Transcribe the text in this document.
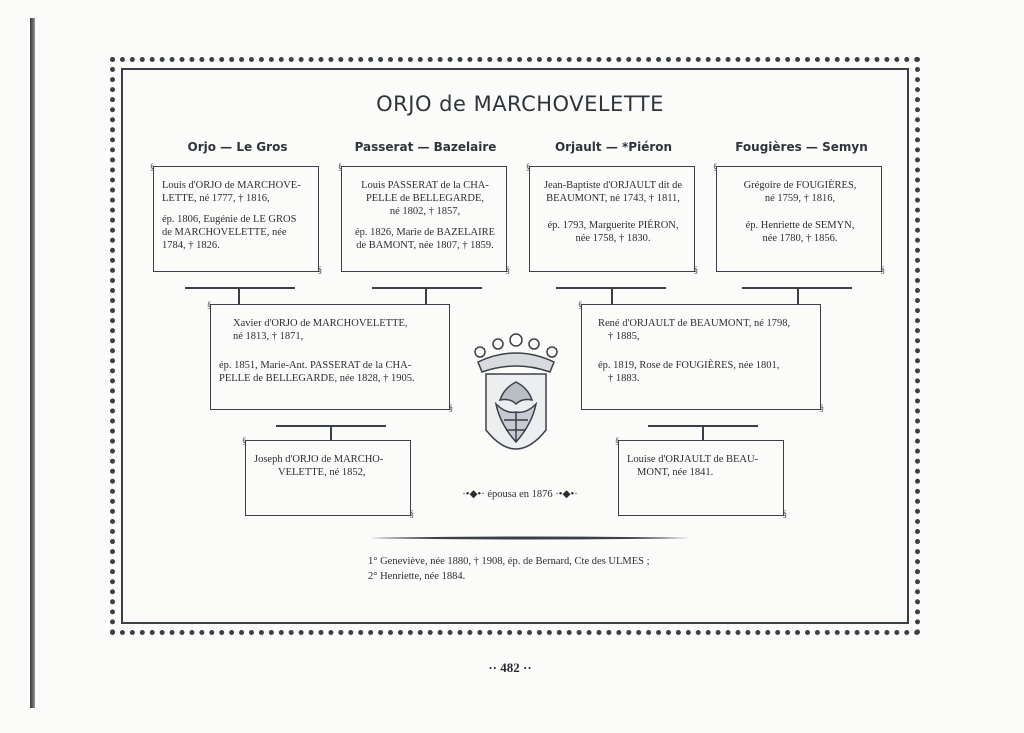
ORJO de MARCHOVELETTE
Orjo — Le Gros	Passerat — Bazelaire	Orjault — *Piéron	Fougières — Semyn
§ Louis d'ORJO de MARCHOVE-
LETTE, né 1777, † 1816,
ép. 1806, Eugénie de LE GROS
de MARCHOVELETTE, née
1784, † 1826.
§
§ Louis PASSERAT de la CHA-
PELLE de BELLEGARDE,
né 1802, † 1857,
ép. 1826, Marie de BAZELAIRE
de BAMONT, née 1807, † 1859.
§
§ Jean-Baptiste d'ORJAULT dit de
BEAUMONT, né 1743, † 1811,
ép. 1793, Marguerite PIÉRON,
née 1758, † 1830.
§
§ Grégoire de FOUGIÈRES,
né 1759, † 1816,
ép. Henriette de SEMYN,
née 1780, † 1856.
§
§ Xavier d'ORJO de MARCHOVELETTE,
né 1813, † 1871,
ép. 1851, Marie-Ant. PASSERAT de la CHA-
PELLE de BELLEGARDE, née 1828, † 1905.
§
§ René d'ORJAULT de BEAUMONT, né 1798,
† 1885,
ép. 1819, Rose de FOUGIÈRES, née 1801,
† 1883.
§
§ Joseph d'ORJO de MARCHO-
VELETTE, né 1852,
§
·•◆•· épousa en 1876 ·•◆•·
§ Louise d'ORJAULT de BEAU-
MONT, née 1841.
§
1° Geneviève, née 1880, † 1908, ép. de Bernard, Cte des ULMES ;
2° Henriette, née 1884.
·· 482 ··
